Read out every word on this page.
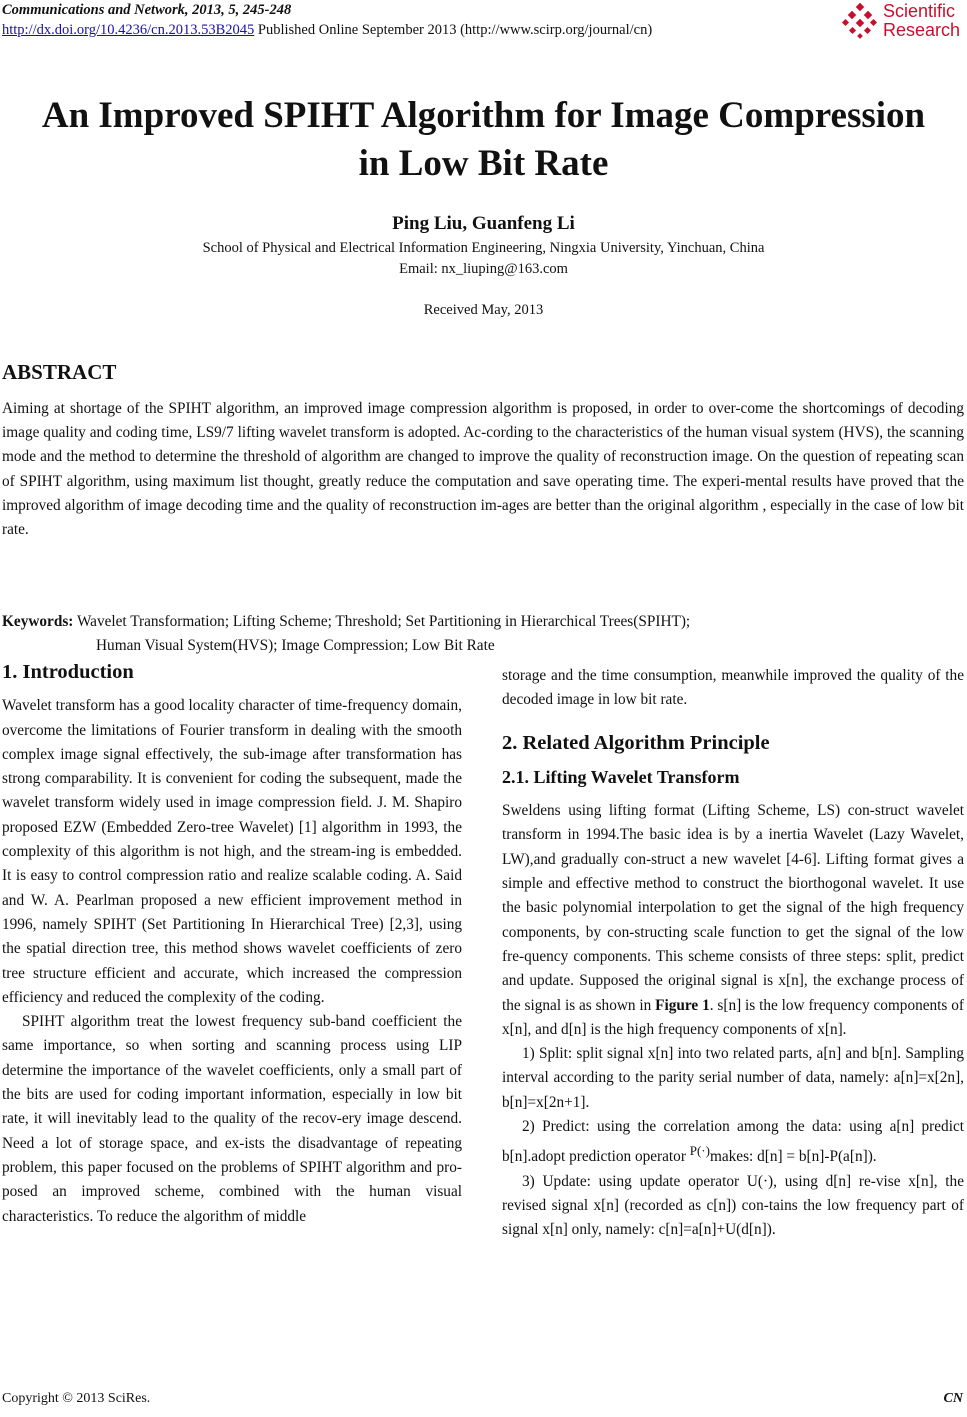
Communications and Network, 2013, 5, 245-248
http://dx.doi.org/10.4236/cn.2013.53B2045 Published Online September 2013 (http://www.scirp.org/journal/cn)
Scientific
Research
An Improved SPIHT Algorithm for Image Compression
in Low Bit Rate
Ping Liu, Guanfeng Li
School of Physical and Electrical Information Engineering, Ningxia University, Yinchuan, China
Email: nx_liuping@163.com
Received May, 2013
ABSTRACT
Aiming at shortage of the SPIHT algorithm, an improved image compression algorithm is proposed, in order to over-come the shortcomings of decoding image quality and coding time, LS9/7 lifting wavelet transform is adopted. Ac-cording to the characteristics of the human visual system (HVS), the scanning mode and the method to determine the threshold of algorithm are changed to improve the quality of reconstruction image. On the question of repeating scan of SPIHT algorithm, using maximum list thought, greatly reduce the computation and save operating time. The experi-mental results have proved that the improved algorithm of image decoding time and the quality of reconstruction im-ages are better than the original algorithm , especially in the case of low bit rate.
Keywords: Wavelet Transformation; Lifting Scheme; Threshold; Set Partitioning in Hierarchical Trees(SPIHT);
Human Visual System(HVS); Image Compression; Low Bit Rate
1. Introduction

Wavelet transform has a good locality character of time-frequency domain, overcome the limitations of Fourier transform in dealing with the smooth complex image signal effectively, the sub-image after transformation has strong comparability. It is convenient for coding the subsequent, made the wavelet transform widely used in image compression field. J. M. Shapiro proposed EZW (Embedded Zero-tree Wavelet) [1] algorithm in 1993, the complexity of this algorithm is not high, and the stream-ing is embedded. It is easy to control compression ratio and realize scalable coding. A. Said and W. A. Pearlman proposed a new efficient improvement method in 1996, namely SPIHT (Set Partitioning In Hierarchical Tree) [2,3], using the spatial direction tree, this method shows wavelet coefficients of zero tree structure efficient and accurate, which increased the compression efficiency and reduced the complexity of the coding.

SPIHT algorithm treat the lowest frequency sub-band coefficient the same importance, so when sorting and scanning process using LIP determine the importance of the wavelet coefficients, only a small part of the bits are used for coding important information, especially in low bit rate, it will inevitably lead to the quality of the recov-ery image descend. Need a lot of storage space, and ex-ists the disadvantage of repeating problem, this paper focused on the problems of SPIHT algorithm and pro-posed an improved scheme, combined with the human visual characteristics. To reduce the algorithm of middle

storage and the time consumption, meanwhile improved the quality of the decoded image in low bit rate.

2. Related Algorithm Principle
2.1. Lifting Wavelet Transform

Sweldens using lifting format (Lifting Scheme, LS) con-struct wavelet transform in 1994.The basic idea is by a inertia Wavelet (Lazy Wavelet, LW),and gradually con-struct a new wavelet [4-6]. Lifting format gives a simple and effective method to construct the biorthogonal wavelet. It use the basic polynomial interpolation to get the signal of the high frequency components, by con-structing scale function to get the signal of the low fre-quency components. This scheme consists of three steps: split, predict and update. Supposed the original signal is x[n], the exchange process of the signal is as shown in Figure 1. s[n] is the low frequency components of x[n], and d[n] is the high frequency components of x[n].

1) Split: split signal x[n] into two related parts, a[n] and b[n]. Sampling interval according to the parity serial number of data, namely: a[n]=x[2n], b[n]=x[2n+1].

2) Predict: using the correlation among the data: using a[n] predict b[n].adopt prediction operator $^{P(\cdot)}$makes: d[n] = b[n]-P(a[n]).

3) Update: using update operator U(·), using d[n] re-vise x[n], the revised signal x[n] (recorded as c[n]) con-tains the low frequency part of signal x[n] only, namely: c[n]=a[n]+U(d[n]).

Copyright © 2013 SciRes.	CN
